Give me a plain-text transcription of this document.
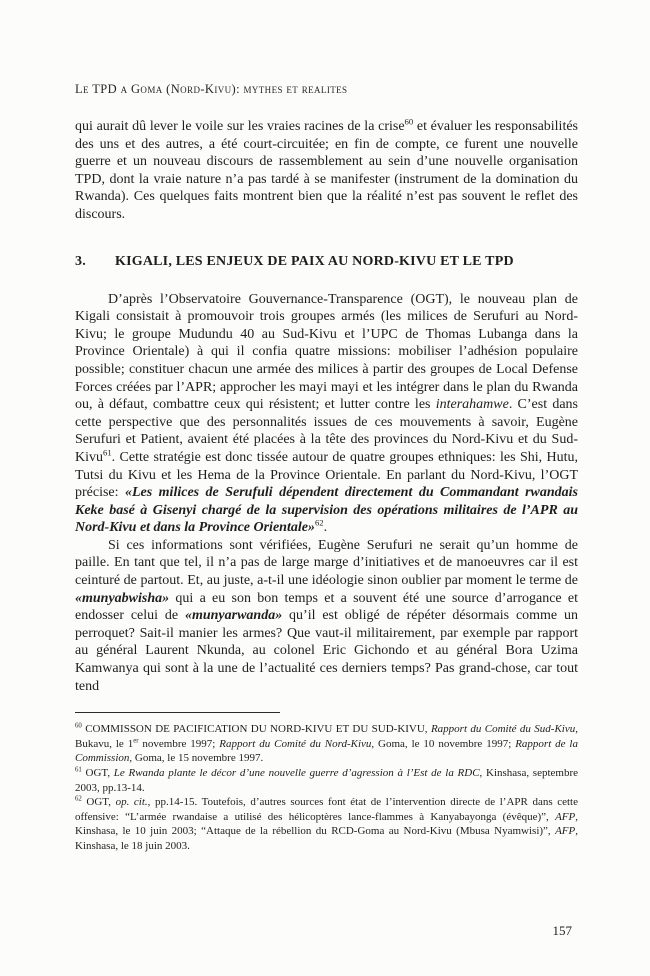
Le TPD a Goma (Nord-Kivu): mythes et realites

qui aurait dû lever le voile sur les vraies racines de la crise$^{60}$ et évaluer les responsabilités des uns et des autres, a été court-circuitée; en fin de compte, ce furent une nouvelle guerre et un nouveau discours de rassemblement au sein d’une nouvelle organisation TPD, dont la vraie nature n’a pas tardé à se manifester (instrument de la domination du Rwanda). Ces quelques faits montrent bien que la réalité n’est pas souvent le reflet des discours.

3.	KIGALI, LES ENJEUX DE PAIX AU NORD-KIVU ET LE TPD

D’après l’Observatoire Gouvernance-Transparence (OGT), le nouveau plan de Kigali consistait à promouvoir trois groupes armés (les milices de Serufuri au Nord-Kivu; le groupe Mudundu 40 au Sud-Kivu et l’UPC de Thomas Lubanga dans la Province Orientale) à qui il confia quatre missions: mobiliser l’adhésion populaire possible; constituer chacun une armée des milices à partir des groupes de Local Defense Forces créées par l’APR; approcher les mayi mayi et les intégrer dans le plan du Rwanda ou, à défaut, combattre ceux qui résistent; et lutter contre les interahamwe. C’est dans cette perspective que des personnalités issues de ces mouvements à savoir, Eugène Serufuri et Patient, avaient été placées à la tête des provinces du Nord-Kivu et du Sud-Kivu$^{61}$. Cette stratégie est donc tissée autour de quatre groupes ethniques: les Shi, Hutu, Tutsi du Kivu et les Hema de la Province Orientale. En parlant du Nord-Kivu, l’OGT précise: «Les milices de Serufuli dépendent directement du Commandant rwandais Keke basé à Gisenyi chargé de la supervision des opérations militaires de l’APR au Nord-Kivu et dans la Province Orientale»$^{62}$.

Si ces informations sont vérifiées, Eugène Serufuri ne serait qu’un homme de paille. En tant que tel, il n’a pas de large marge d’initiatives et de manoeuvres car il est ceinturé de partout. Et, au juste, a-t-il une idéologie sinon oublier par moment le terme de «munyabwisha» qui a eu son bon temps et a souvent été une source d’arrogance et endosser celui de «munyarwanda» qu’il est obligé de répéter désormais comme un perroquet? Sait-il manier les armes? Que vaut-il militairement, par exemple par rapport au général Laurent Nkunda, au colonel Eric Gichondo et au général Bora Uzima Kamwanya qui sont à la une de l’actualité ces derniers temps? Pas grand-chose, car tout tend

$^{60}$ COMMISSON DE PACIFICATION DU NORD-KIVU ET DU SUD-KIVU, Rapport du Comité du Sud-Kivu, Bukavu, le 1er novembre 1997; Rapport du Comité du Nord-Kivu, Goma, le 10 novembre 1997; Rapport de la Commission, Goma, le 15 novembre 1997.

$^{61}$ OGT, Le Rwanda plante le décor d’une nouvelle guerre d’agression à l’Est de la RDC, Kinshasa, septembre 2003, pp.13-14.

$^{62}$ OGT, op. cit., pp.14-15. Toutefois, d’autres sources font état de l’intervention directe de l’APR dans cette offensive: “L’armée rwandaise a utilisé des hélicoptères lance-flammes à Kanyabayonga (évêque)”, AFP, Kinshasa, le 10 juin 2003; “Attaque de la rébellion du RCD-Goma au Nord-Kivu (Mbusa Nyamwisi)”, AFP, Kinshasa, le 18 juin 2003.

157
